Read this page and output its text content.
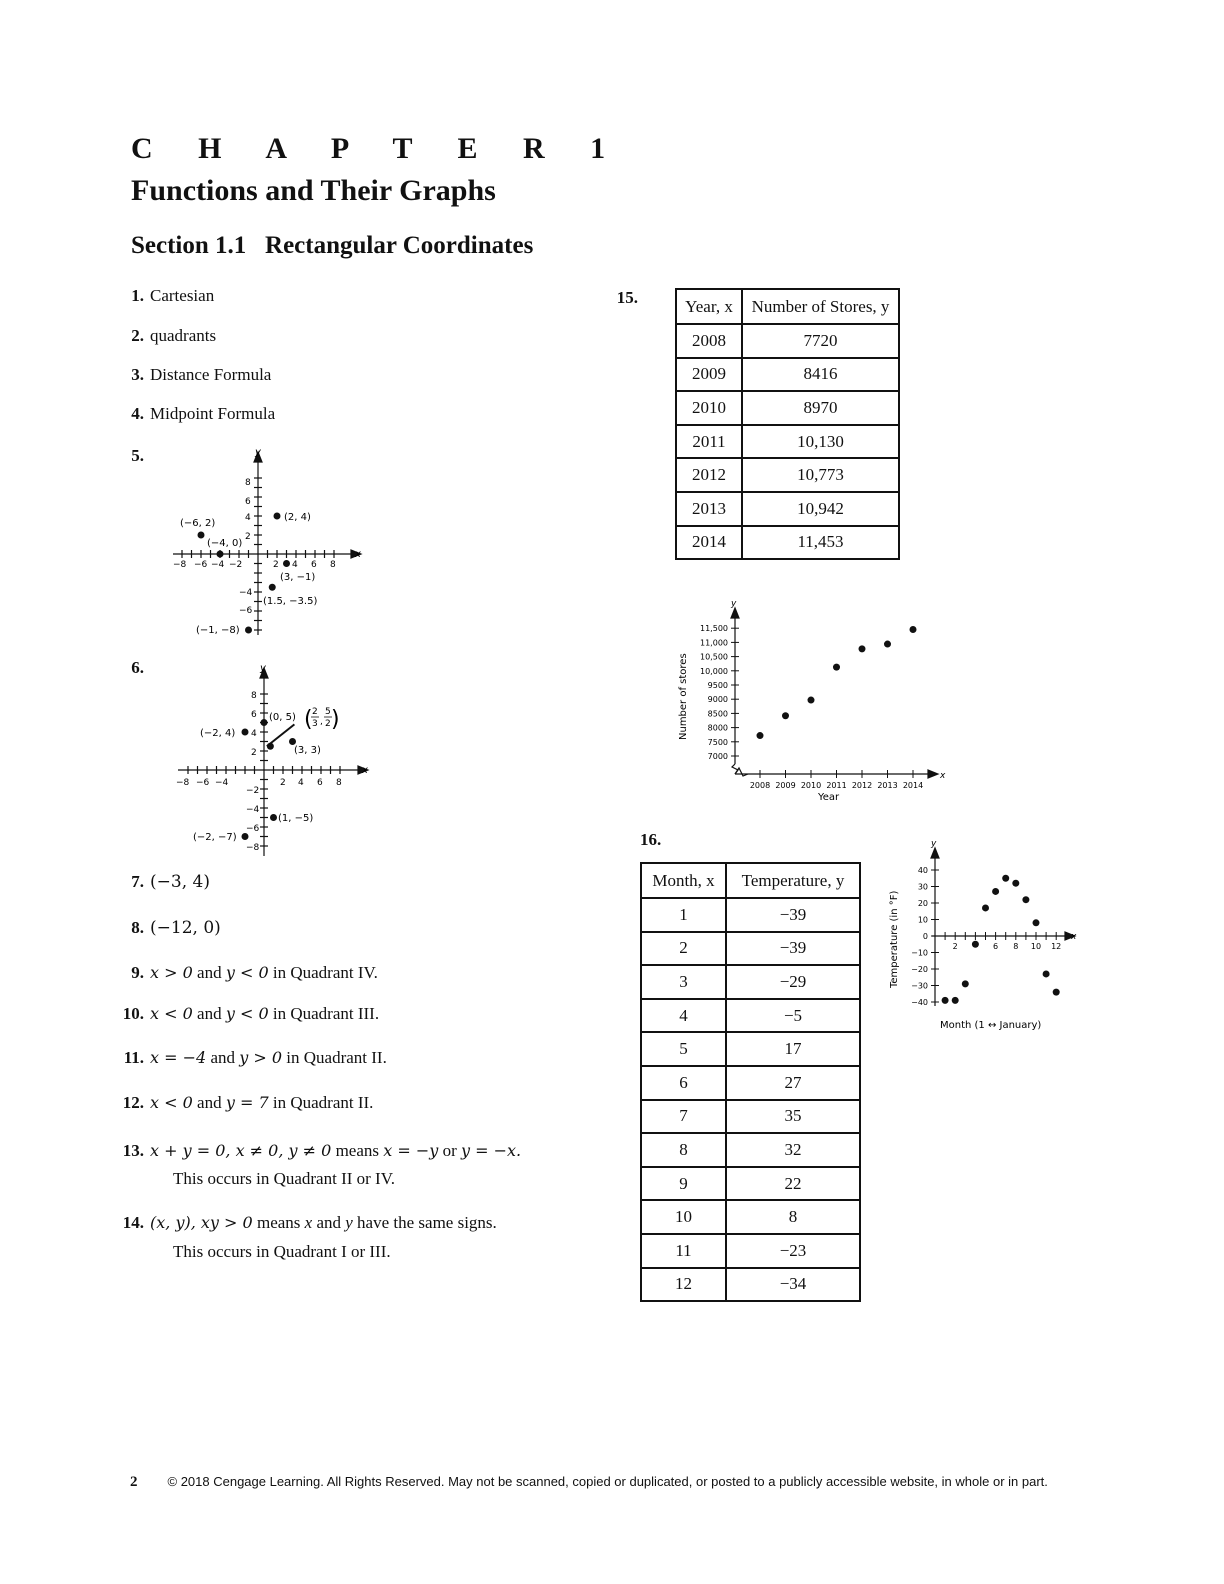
C H A P T E R 1
Functions and Their Graphs
Section 1.1   Rectangular Coordinates
1. Cartesian
2. quadrants
3. Distance Formula
4. Midpoint Formula
5.
x
y
−8 −6 −4 −2	2 4 6 8
8
6
4
2
−4
−6
(2, 4)
(−6, 2)
(−4, 0)
(3, −1)
(1.5, −3.5)
(−1, −8)
6.
x
y
−8 −6 −4	2 4 6 8
8
6
4
2
−2
−4
−6
−8
(0, 5)
(−2, 4)
(3, 3)
(1, −5)
(−2, −7)
( 2
3 ,
5
2 )
7. (−3, 4)
8. (−12, 0)
9. x > 0 and y < 0 in Quadrant IV.
10. x < 0 and y < 0 in Quadrant III.
11. x = −4 and y > 0 in Quadrant II.
12. x < 0 and y = 7 in Quadrant II.
13. x + y = 0, x ≠ 0, y ≠ 0 means x = −y or y = −x.
This occurs in Quadrant II or IV.
14. (x, y), xy > 0 means x and y have the same signs.
This occurs in Quadrant I or III.
15.	Year, x	Number of Stores, y
2008	7720
2009	8416
2010	8970
2011	10,130
2012	10,773
2013	10,942
2014	11,453
x
y
Number of stores
Year
11,500
11,000
10,500
10,000
9500
9000
8500
8000
7500
7000
2008 2009 2010 2011 2012 2013 2014
16.
Month, x	Temperature, y
1	−39
2	−39
3	−29
4	−5
5	17
6	27
7	35
8	32
9	22
10	8
11	−23
12	−34
x
y
Temperature (in °F)
Month (1 ↔ January)
40
30
20
10
0
−10
−20
−30
−40
2	6 8 10 12
2 © 2018 Cengage Learning. All Rights Reserved. May not be scanned, copied or duplicated, or posted to a publicly accessible website, in whole or in part.
